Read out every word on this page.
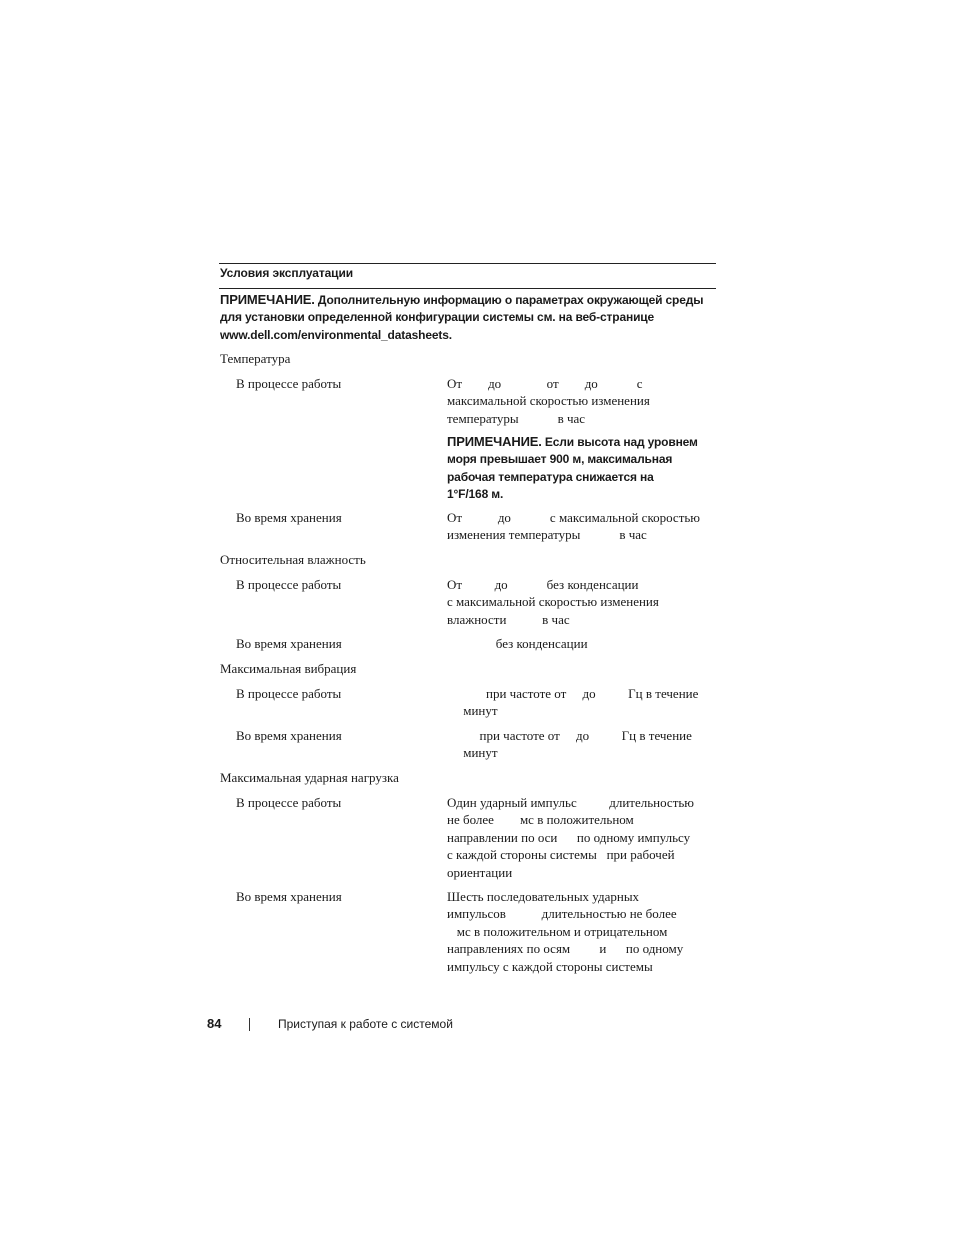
Условия эксплуатации
ПРИМЕЧАНИЕ. Дополнительную информацию о параметрах окружающей среды
для установки определенной конфигурации системы см. на веб-странице
www.dell.com/environmental_datasheets.
Температура
В процессе работы	От        до              от        до            с
максимальной скоростью изменения
температуры            в час
ПРИМЕЧАНИЕ. Если высота над уровнем
моря превышает 900 м, максимальная
рабочая температура снижается на
1°F/168 м.
Во время хранения	От           до            с максимальной скоростью
изменения температуры            в час
Относительная влажность
В процессе работы	От          до            без конденсации
с максимальной скоростью изменения
влажности           в час
Во время хранения	без конденсации
Максимальная вибрация
В процессе работы	при частоте от     до          Гц в течение
минут
Во время хранения	при частоте от     до          Гц в течение
минут
Максимальная ударная нагрузка
В процессе работы	Один ударный импульс          длительностью
не более        мс в положительном
направлении по оси      по одному импульсу
с каждой стороны системы   при рабочей
ориентации
Во время хранения	Шесть последовательных ударных
импульсов           длительностью не более
мс в положительном и отрицательном
направлениях по осям         и      по одному
импульсу с каждой стороны системы
84	Приступая к работе с системой
